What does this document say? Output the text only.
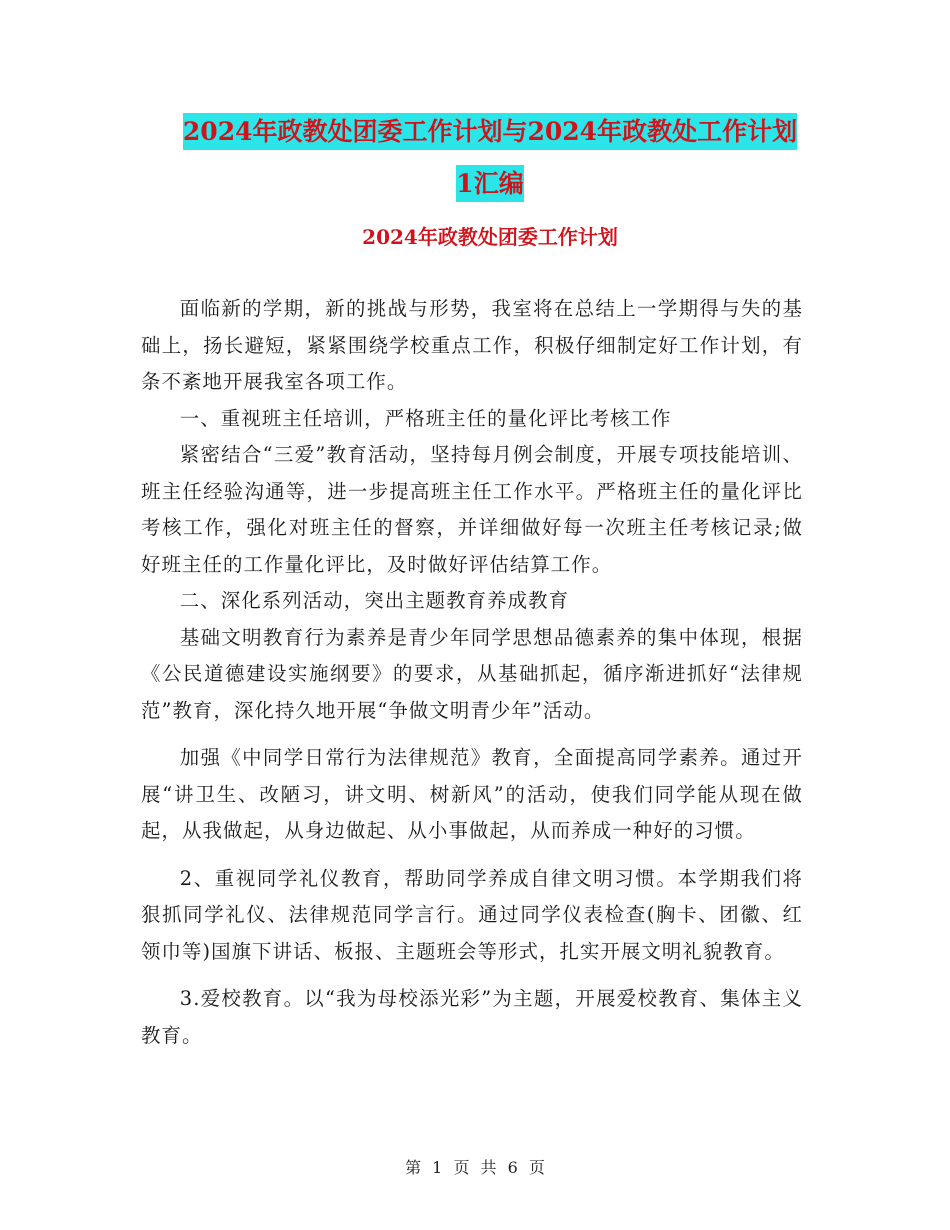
2024年政教处团委工作计划与2024年政教处工作计划
1汇编
2024年政教处团委工作计划

面临新的学期，新的挑战与形势，我室将在总结上一学期得与失的基础上，扬长避短，紧紧围绕学校重点工作，积极仔细制定好工作计划，有条不紊地开展我室各项工作。

一、重视班主任培训，严格班主任的量化评比考核工作

紧密结合“三爱”教育活动，坚持每月例会制度，开展专项技能培训、班主任经验沟通等，进一步提高班主任工作水平。严格班主任的量化评比考核工作，强化对班主任的督察，并详细做好每一次班主任考核记录;做好班主任的工作量化评比，及时做好评估结算工作。

二、深化系列活动，突出主题教育养成教育

基础文明教育行为素养是青少年同学思想品德素养的集中体现，根据《公民道德建设实施纲要》的要求，从基础抓起，循序渐进抓好“法律规范”教育，深化持久地开展“争做文明青少年”活动。

加强《中同学日常行为法律规范》教育，全面提高同学素养。通过开展“讲卫生、改陋习，讲文明、树新风”的活动，使我们同学能从现在做起，从我做起，从身边做起、从小事做起，从而养成一种好的习惯。

2、重视同学礼仪教育，帮助同学养成自律文明习惯。本学期我们将狠抓同学礼仪、法律规范同学言行。通过同学仪表检查(胸卡、团徽、红领巾等)国旗下讲话、板报、主题班会等形式，扎实开展文明礼貌教育。

3.爱校教育。以“我为母校添光彩”为主题，开展爱校教育、集体主义教育。

第 1 页 共 6 页
